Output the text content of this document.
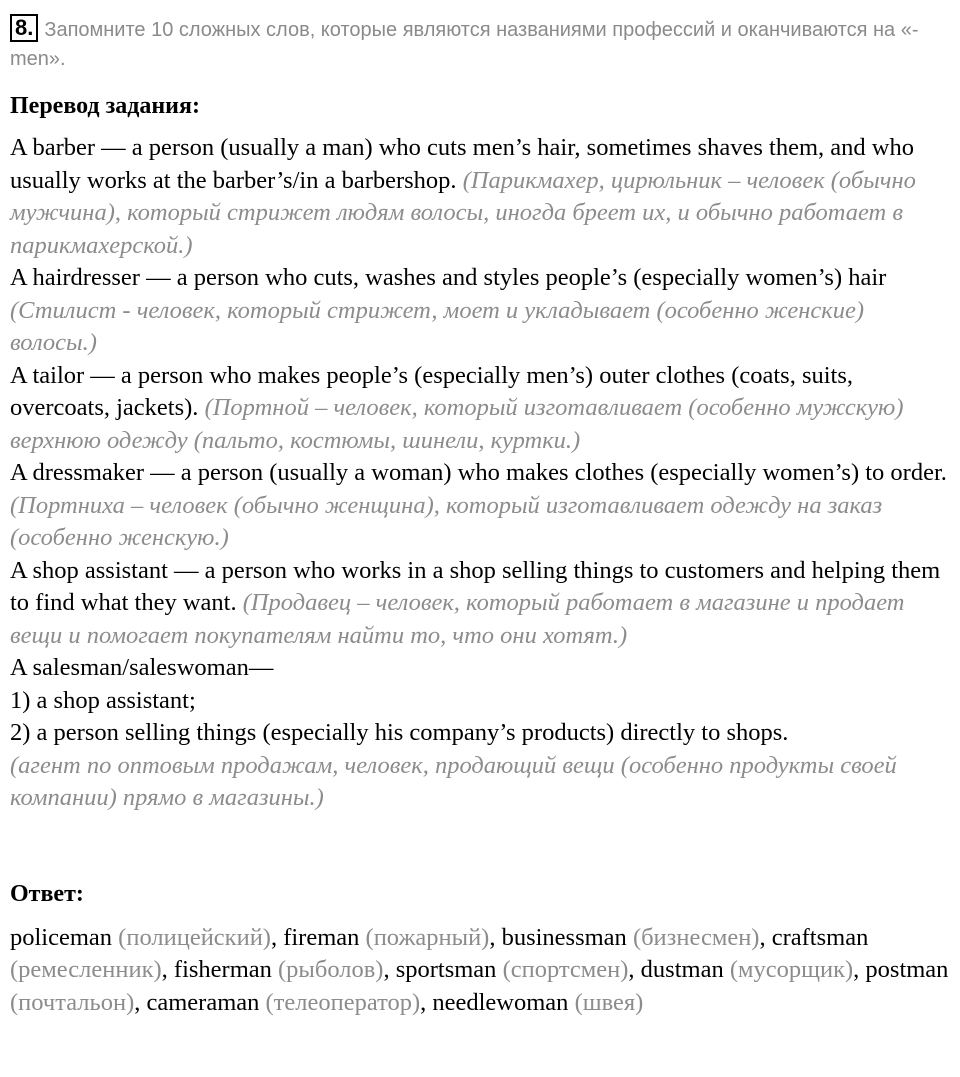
8. Запомните 10 сложных слов, которые являются названиями профессий и оканчиваются на «-men».

Перевод задания:

A barber — a person (usually a man) who cuts men’s hair, sometimes shaves them, and who usually works at the barber’s/in a barbershop. (Парикмахер, цирюльник – человек (обычно мужчина), который стрижет людям волосы, иногда бреет их, и обычно работает в парикмахерской.)

A hairdresser — a person who cuts, washes and styles people’s (especially women’s) hair (Стилист - человек, который стрижет, моет и укладывает (особенно женские) волосы.)

A tailor — a person who makes people’s (especially men’s) outer clothes (coats, suits, overcoats, jackets). (Портной – человек, который изготавливает (особенно мужскую) верхнюю одежду (пальто, костюмы, шинели, куртки.)

A dressmaker — a person (usually a woman) who makes clothes (especially women’s) to order. (Портниха – человек (обычно женщина), который изготавливает одежду на заказ (особенно женскую.)

A shop assistant — a person who works in a shop selling things to customers and helping them to find what they want. (Продавец – человек, который работает в магазине и продает вещи и помогает покупателям найти то, что они хотят.)

A salesman/saleswoman—

1) a shop assistant;

2) a person selling things (especially his company’s products) directly to shops.

(агент по оптовым продажам, человек, продающий вещи (особенно продукты своей компании) прямо в магазины.)

Ответ:

policeman (полицейский), fireman (пожарный), businessman (бизнесмен), craftsman (ремесленник), fisherman (рыболов), sportsman (спортсмен), dustman (мусорщик), postman (почтальон), cameraman (телеоператор), needlewoman (швея)
